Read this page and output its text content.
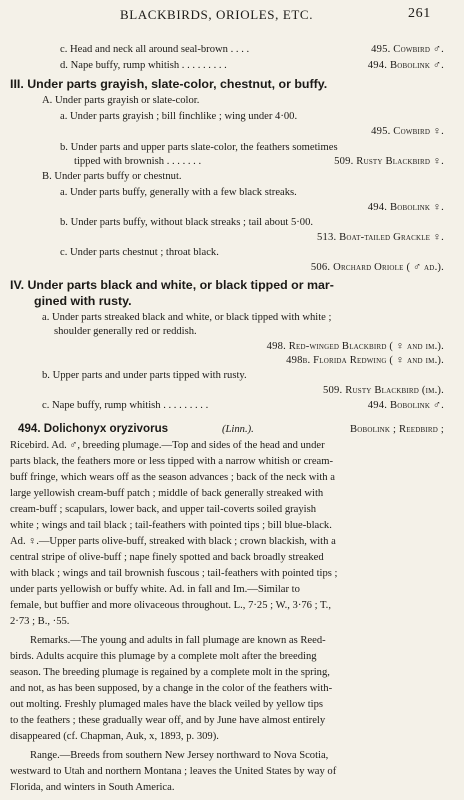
BLACKBIRDS, ORIOLES, ETC.	261
c. Head and neck all around seal-brown . . . .	495. Cowbird ♂.
d. Nape buffy, rump whitish . . . . . . . . .	494. Bobolink ♂.
III. Under parts grayish, slate-color, chestnut, or buffy.
A. Under parts grayish or slate-color.
a. Under parts grayish ; bill finchlike ; wing under 4·00.
495. Cowbird ♀.
b. Under parts and upper parts slate-color, the feathers sometimes
tipped with brownish . . . . . . .	509. Rusty Blackbird ♀.
B. Under parts buffy or chestnut.
a. Under parts buffy, generally with a few black streaks.
494. Bobolink ♀.
b. Under parts buffy, without black streaks ; tail about 5·00.
513. Boat-tailed Grackle ♀.
c. Under parts chestnut ; throat black.
506. Orchard Oriole ( ♂ ad.).
IV. Under parts black and white, or black tipped or mar-
gined with rusty.
a. Under parts streaked black and white, or black tipped with white ;
shoulder generally red or reddish.
498. Red-winged Blackbird ( ♀ and im.).
498b. Florida Redwing ( ♀ and im.).
b. Upper parts and under parts tipped with rusty.
509. Rusty Blackbird (im.).
c. Nape buffy, rump whitish . . . . . . . . .	494. Bobolink ♂.
494. Dolichonyx oryzivorus	(Linn.).	Bobolink ; Reedbird ;
Ricebird. Ad. ♂, breeding plumage.—Top and sides of the head and under
parts black, the feathers more or less tipped with a narrow whitish or cream-
buff fringe, which wears off as the season advances ; back of the neck with a
large yellowish cream-buff patch ; middle of back generally streaked with
cream-buff ; scapulars, lower back, and upper tail-coverts soiled grayish
white ; wings and tail black ; tail-feathers with pointed tips ; bill blue-black.
Ad. ♀.—Upper parts olive-buff, streaked with black ; crown blackish, with a
central stripe of olive-buff ; nape finely spotted and back broadly streaked
with black ; wings and tail brownish fuscous ; tail-feathers with pointed tips ;
under parts yellowish or buffy white. Ad. in fall and Im.—Similar to
female, but buffier and more olivaceous throughout. L., 7·25 ; W., 3·76 ; T.,
2·73 ; B., ·55.
Remarks.—The young and adults in fall plumage are known as Reed-
birds. Adults acquire this plumage by a complete molt after the breeding
season. The breeding plumage is regained by a complete molt in the spring,
and not, as has been supposed, by a change in the color of the feathers with-
out molting. Freshly plumaged males have the black veiled by yellow tips
to the feathers ; these gradually wear off, and by June have almost entirely
disappeared (cf. Chapman, Auk, x, 1893, p. 309).
Range.—Breeds from southern New Jersey northward to Nova Scotia,
westward to Utah and northern Montana ; leaves the United States by way of
Florida, and winters in South America.
